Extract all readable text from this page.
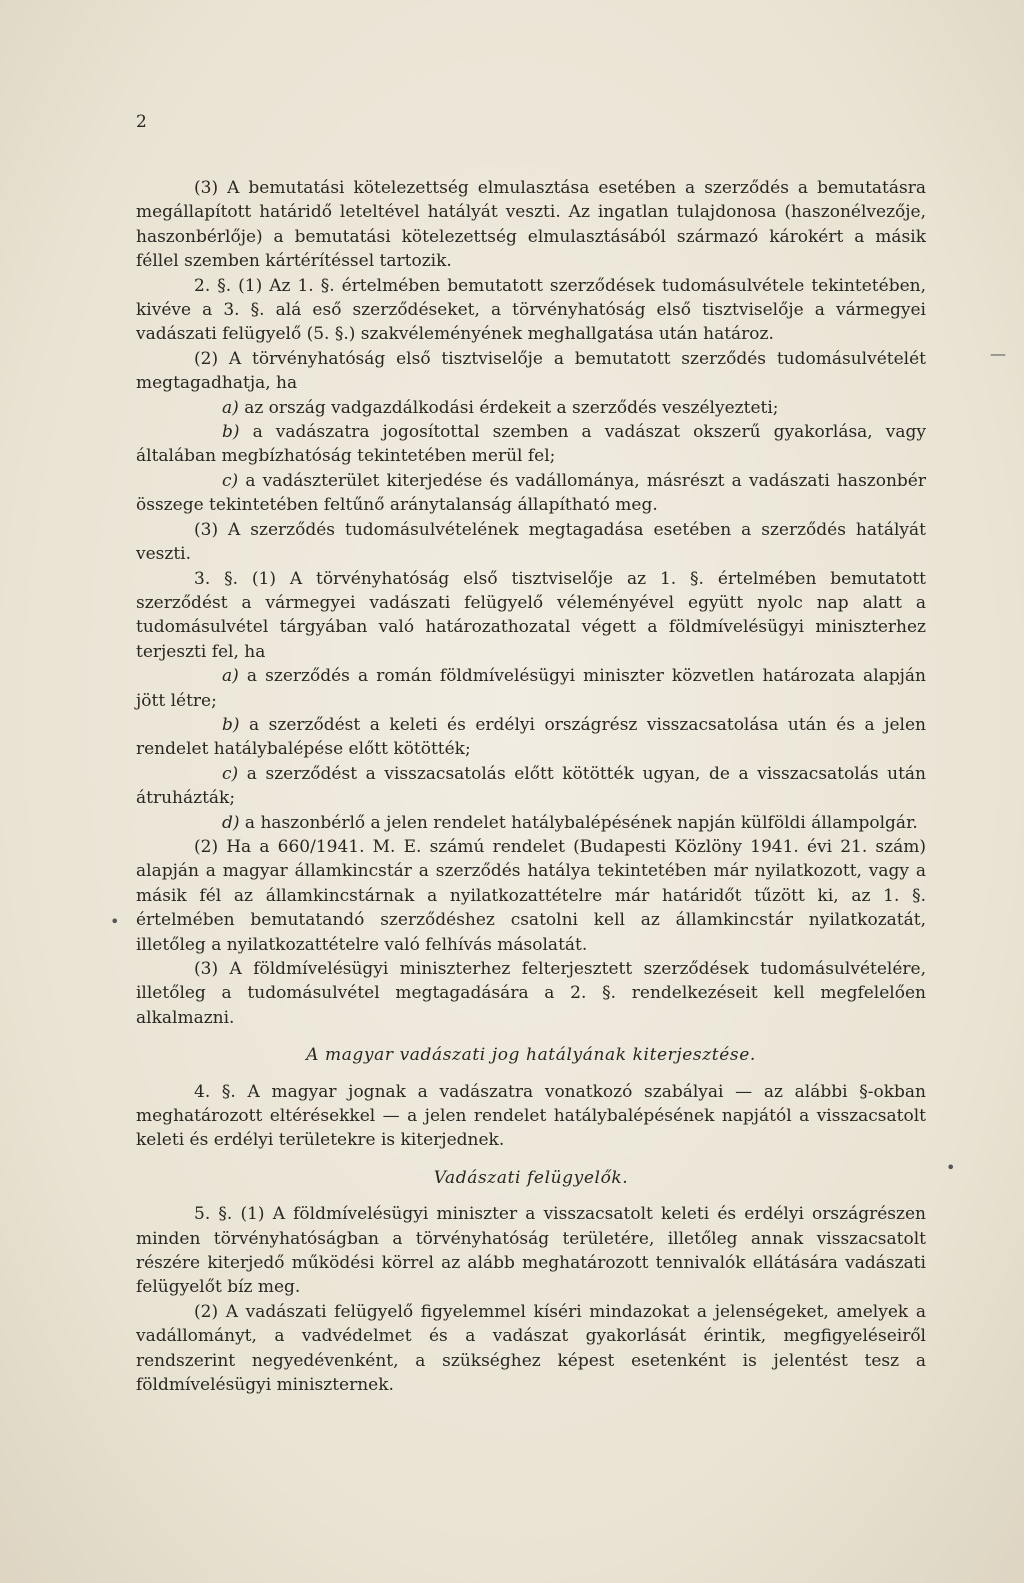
2
—
•
•

(3) A bemutatási kötelezettség elmulasztása esetében a szerződés a bemutatásra megállapított határidő leteltével hatályát veszti. Az ingatlan tulajdonosa (haszonélvezője, haszonbérlője) a bemutatási kötelezettség elmulasztásából származó károkért a másik féllel szemben kártérítéssel tartozik.

2. §. (1) Az 1. §. értelmében bemutatott szerződések tudomásulvétele tekintetében, kivéve a 3. §. alá eső szerződéseket, a törvényhatóság első tisztviselője a vármegyei vadászati felügyelő (5. §.) szakvéleményének meghallgatása után határoz.

(2) A törvényhatóság első tisztviselője a bemutatott szerződés tudomásulvételét megtagadhatja, ha

a) az ország vadgazdálkodási érdekeit a szerződés veszélyezteti;

b) a vadászatra jogosítottal szemben a vadászat okszerű gyakorlása, vagy általában megbízhatóság tekintetében merül fel;

c) a vadászterület kiterjedése és vadállománya, másrészt a vadászati haszonbér összege tekintetében feltűnő aránytalanság állapítható meg.

(3) A szerződés tudomásulvételének megtagadása esetében a szerződés hatályát veszti.

3. §. (1) A törvényhatóság első tisztviselője az 1. §. értelmében bemutatott szerződést a vármegyei vadászati felügyelő véleményével együtt nyolc nap alatt a tudomásulvétel tárgyában való határozathozatal végett a földmívelésügyi miniszterhez terjeszti fel, ha

a) a szerződés a román földmívelésügyi miniszter közvetlen határozata alapján jött létre;

b) a szerződést a keleti és erdélyi országrész visszacsatolása után és a jelen rendelet hatálybalépése előtt kötötték;

c) a szerződést a visszacsatolás előtt kötötték ugyan, de a visszacsatolás után átruházták;

d) a haszonbérlő a jelen rendelet hatálybalépésének napján külföldi állampolgár.

(2) Ha a 660/1941. M. E. számú rendelet (Budapesti Közlöny 1941. évi 21. szám) alapján a magyar államkincstár a szerződés hatálya tekintetében már nyilatkozott, vagy a másik fél az államkincstárnak a nyilatkozattételre már határidőt tűzött ki, az 1. §. értelmében bemutatandó szerződéshez csatolni kell az államkincstár nyilatkozatát, illetőleg a nyilatkozattételre való felhívás másolatát.

(3) A földmívelésügyi miniszterhez felterjesztett szerződések tudomásulvételére, illetőleg a tudomásulvétel megtagadására a 2. §. rendelkezéseit kell megfelelően alkalmazni.

A magyar vadászati jog hatályának kiterjesztése.

4. §. A magyar jognak a vadászatra vonatkozó szabályai — az alábbi §-okban meghatározott eltérésekkel — a jelen rendelet hatálybalépésének napjától a visszacsatolt keleti és erdélyi területekre is kiterjednek.

Vadászati felügyelők.

5. §. (1) A földmívelésügyi miniszter a visszacsatolt keleti és erdélyi országrészen minden törvényhatóságban a törvényhatóság területére, illetőleg annak visszacsatolt részére kiterjedő működési körrel az alább meghatározott tennivalók ellátására vadászati felügyelőt bíz meg.

(2) A vadászati felügyelő figyelemmel kíséri mindazokat a jelenségeket, amelyek a vadállományt, a vadvédelmet és a vadászat gyakorlását érintik, megfigyeléseiről rendszerint negyedévenként, a szükséghez képest esetenként is jelentést tesz a földmívelésügyi miniszternek.
